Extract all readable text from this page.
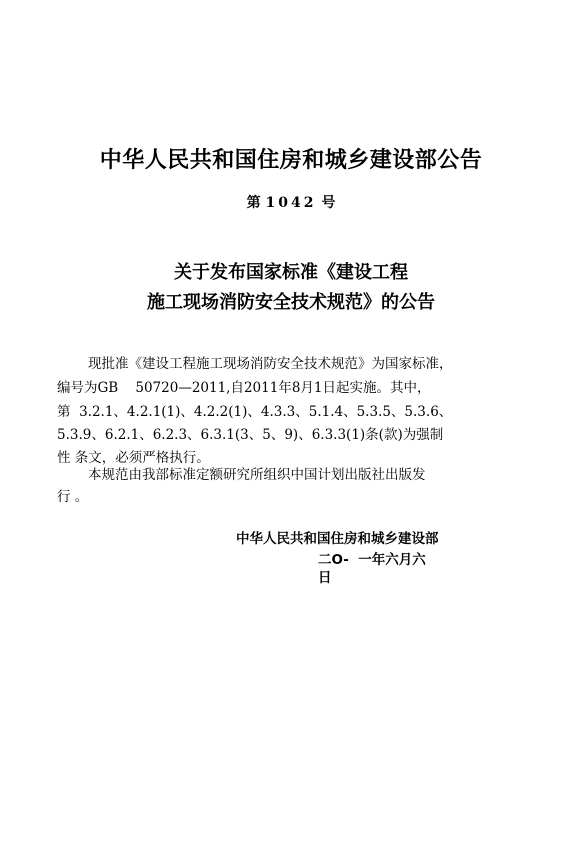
中华人民共和国住房和城乡建设部公告
第 1042 号
关于发布国家标准《建设工程
施工现场消防安全技术规范》的公告
现批准《建设工程施工现场消防安全技术规范》为国家标准，
编号为GB    50720—2011,自2011年8月1日起实施。其中，
第  3.2.1、4.2.1(1)、4.2.2(1)、4.3.3、5.1.4、5.3.5、5.3.6、
5.3.9、6.2.1、6.2.3、6.3.1(3、5、9)、6.3.3(1)条(款)为强制
性 条文，必须严格执行。
本规范由我部标准定额研究所组织中国计划出版社出版发
行 。
中华人民共和国住房和城乡建设部
二O-  一年六月六
日
